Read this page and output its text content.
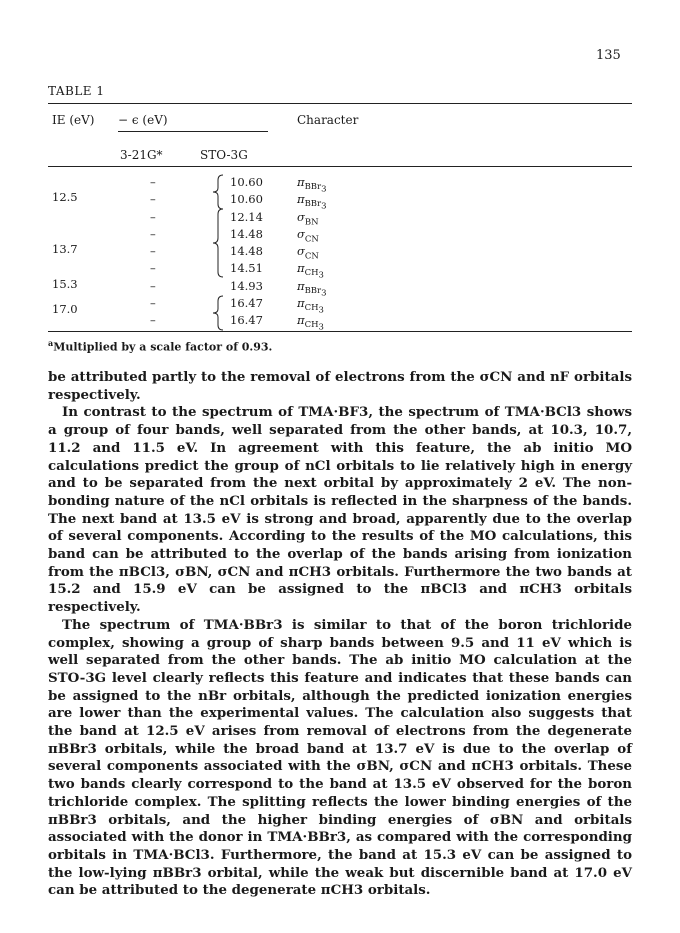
135
TABLE 1
IE (eV) − ϵ (eV)	Character
3-21G*	STO-3G
12.5
13.7
15.3
17.0
–
–
–
–
–
–
–
–
–
10.60
10.60
12.14
14.48
14.48
14.51
14.93
16.47
16.47
$\pi_{BBr_3}$
$\pi_{BBr_3}$
$\sigma_{BN}$
$\sigma_{CN}$
$\sigma_{CN}$
$\pi_{CH_3}$
$\pi_{BBr_3}$
$\pi_{CH_3}$
$\pi_{CH_3}$
$^a$Multiplied by a scale factor of 0.93.

be attributed partly to the removal of electrons from the σCN and nF orbitals respectively.

In contrast to the spectrum of TMA·BF3, the spectrum of TMA·BCl3 shows a group of four bands, well separated from the other bands, at 10.3, 10.7, 11.2 and 11.5 eV. In agreement with this feature, the ab initio MO calculations predict the group of nCl orbitals to lie relatively high in energy and to be separated from the next orbital by approximately 2 eV. The non-bonding nature of the nCl orbitals is reflected in the sharpness of the bands. The next band at 13.5 eV is strong and broad, apparently due to the overlap of several components. According to the results of the MO calculations, this band can be attributed to the overlap of the bands arising from ionization from the πBCl3, σBN, σCN and πCH3 orbitals. Furthermore the two bands at 15.2 and 15.9 eV can be assigned to the πBCl3 and πCH3 orbitals respectively.

The spectrum of TMA·BBr3 is similar to that of the boron trichloride complex, showing a group of sharp bands between 9.5 and 11 eV which is well separated from the other bands. The ab initio MO calculation at the STO-3G level clearly reflects this feature and indicates that these bands can be assigned to the nBr orbitals, although the predicted ionization energies are lower than the experimental values. The calculation also suggests that the band at 12.5 eV arises from removal of electrons from the degenerate πBBr3 orbitals, while the broad band at 13.7 eV is due to the overlap of several components associated with the σBN, σCN and πCH3 orbitals. These two bands clearly correspond to the band at 13.5 eV observed for the boron trichloride complex. The splitting reflects the lower binding energies of the πBBr3 orbitals, and the higher binding energies of σBN and orbitals associated with the donor in TMA·BBr3, as compared with the corresponding orbitals in TMA·BCl3. Furthermore, the band at 15.3 eV can be assigned to the low-lying πBBr3 orbital, while the weak but discernible band at 17.0 eV can be attributed to the degenerate πCH3 orbitals.
